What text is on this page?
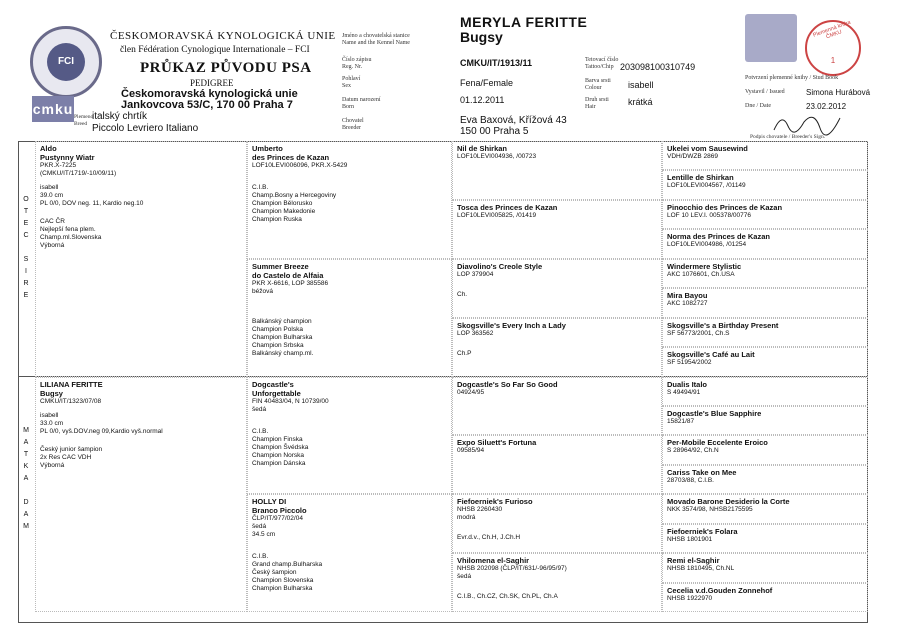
FCI
cmku
ČESKOMORAVSKÁ KYNOLOGICKÁ UNIE
člen Fédération Cynologique Internationale – FCI
PRŮKAZ PŮVODU PSA
PEDIGREE
Českomoravská kynologická unie
Jankovcova 53/C, 170 00 Praha 7
Plemeno
Breed
italský chrtík
Piccolo Levriero Italiano
Jméno a chovatelská stanice
Name and the Kennel Name
Číslo zápisu
Reg. Nr.
Pohlaví
Sex
Datum narození
Born
Chovatel
Breeder
MERYLA FERITTE
Bugsy
CMKU/IT/1913/11
Fena/Female
01.12.2011
Eva Baxová, Křížová 43
150 00 Praha 5
Tetovací číslo
Tattoo/Chip
Barva srsti
Colour
Druh srsti
Hair
203098100310749
isabell
krátká
Plemenná kniha ČMKU
1
Potvrzení plemenné knihy / Stud Book
Vystavil / Issued	Simona Hurábová
Dne / Date	23.02.2012
Podpis chovatele / Breeder's Sign.
O
T
E
C
S
I
R
E
M
A
T
K
A
D
A
M
Aldo
Pustynny Wiatr
PKR.X-7225
(CMKU/IT/1719/-10/09/11)
isabell
39.0 cm
PL 0/0, DOV neg. 11, Kardio neg.10
CAC ČR
Nejlepší fena plem.
Champ.ml.Slovenska
Výborná
LILIANA FERITTE
Bugsy
CMKU/IT/1323/07/08
isabell
33.0 cm
PL 0/0, vyš.DOV.neg 09,Kardio vyš.normal
Český junior šampion
2x Res CAC VDH
Výborná
Umberto
des Princes de Kazan
LOF10LEVI006096, PKR.X-5429
C.I.B.
Champ.Bosny a Hercegoviny
Champion Bělorusko
Champion Makedonie
Champion Ruska
Summer Breeze
do Castelo de Alfaia
PKR X-6616, LOP 385586
béžová
Balkánský champion
Champion Polska
Champion Bulharska
Champion Srbska
Balkánský champ.ml.
Dogcastle's
Unforgettable
FIN 40483/04, N 10739/00
šedá
C.I.B.
Champion Finska
Champion Švédska
Champion Norska
Champion Dánska
HOLLY DI
Branco Piccolo
ČLP/IT/977/02/04
šedá
34.5 cm
C.I.B.
Grand champ.Bulharska
Český šampion
Champion Slovenska
Champion Bulharska
Nil de Shirkan
LOF10LEVI004936, /00723
Tosca des Princes de Kazan
LOF10LEVI005825, /01419
Diavolino's Creole Style
LOP 379904
Ch.
Skogsville's Every Inch a Lady
LOP 363562
Ch.P
Dogcastle's So Far So Good
04924/95
Expo Siluett's Fortuna
09585/94
Fiefoerniek's Furioso
NHSB 2260430
modrá
Evr.d.v., Ch.H, J.Ch.H
Vhilomena el-Saghir
NHSB 202098 (ČLP/IT/631/-96/95/97)
šedá
C.I.B., Ch.CZ, Ch.SK, Ch.PL, Ch.A
Ukelei vom Sausewind
VDH/DWZB 2869
Lentille de Shirkan
LOF10LEVI004567, /01149
Pinocchio des Princes de Kazan
LOF 10 LEV.I. 005378/00776
Norma des Princes de Kazan
LOF10LEVI004986, /01254
Windermere Stylistic
AKC 1076601, Ch.USA
Mira Bayou
AKC 1082727
Skogsville's a Birthday Present
SF 56773/2001, Ch.S
Skogsville's Café au Lait
SF 51954/2002
Dualis Italo
S 49494/91
Dogcastle's Blue Sapphire
15821/87
Per-Mobile Eccelente Eroico
S 28964/92, Ch.N
Cariss Take on Mee
28703/88, C.I.B.
Movado Barone Desiderio la Corte
NKK 3574/98, NHSB2175595
Fiefoerniek's Folara
NHSB 1801901
Remi el-Saghir
NHSB 1810495, Ch.NL
Cecelia v.d.Gouden Zonnehof
NHSB 1922970
